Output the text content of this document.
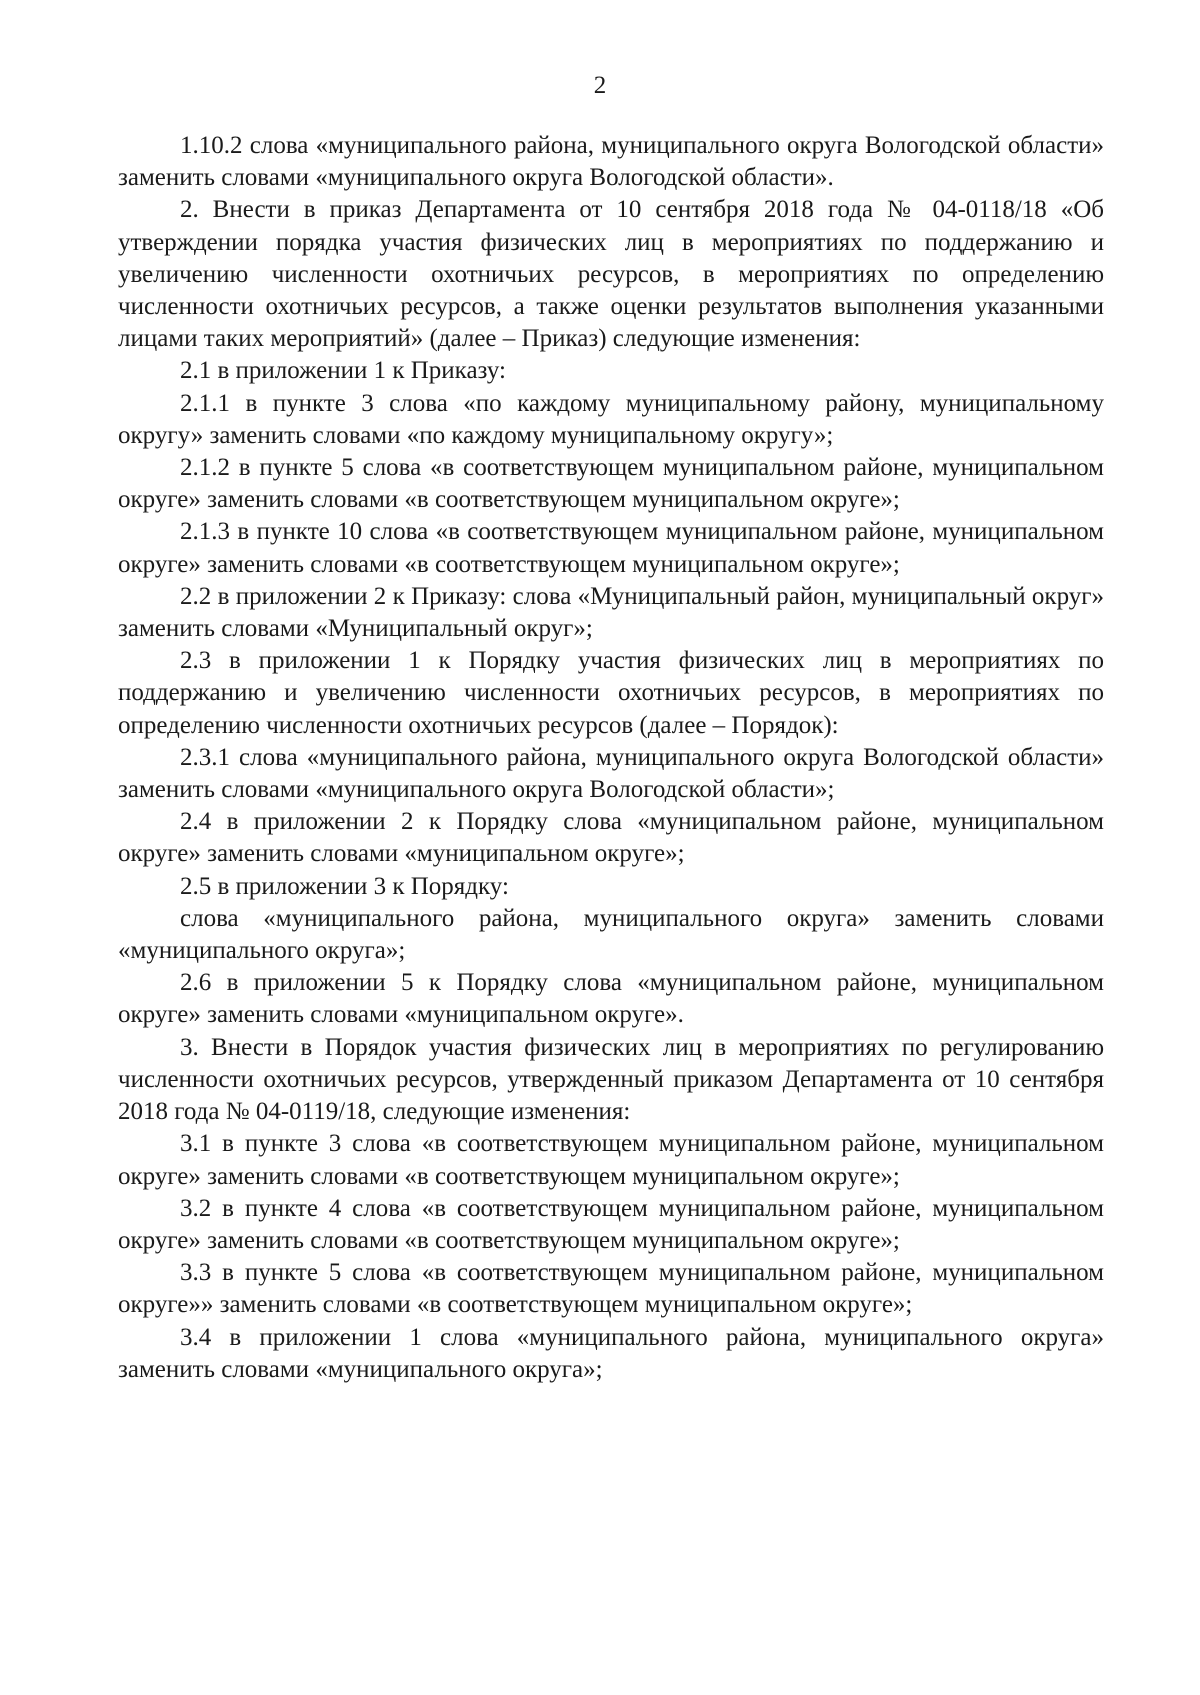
2

1.10.2 слова «муниципального района, муниципального округа Вологодской области» заменить словами «муниципального округа Вологодской области».

2. Внести в приказ Департамента от 10 сентября 2018 года № 04-0118/18 «Об утверждении порядка участия физических лиц в мероприятиях по поддержанию и увеличению численности охотничьих ресурсов, в мероприятиях по определению численности охотничьих ресурсов, а также оценки результатов выполнения указанными лицами таких мероприятий» (далее – Приказ) следующие изменения:

2.1 в приложении 1 к Приказу:

2.1.1 в пункте 3 слова «по каждому муниципальному району, муниципальному округу» заменить словами «по каждому муниципальному округу»;

2.1.2 в пункте 5 слова «в соответствующем муниципальном районе, муниципальном округе» заменить словами «в соответствующем муниципальном округе»;

2.1.3 в пункте 10 слова «в соответствующем муниципальном районе, муниципальном округе» заменить словами «в соответствующем муниципальном округе»;

2.2 в приложении 2 к Приказу: слова «Муниципальный район, муниципальный округ» заменить словами «Муниципальный округ»;

2.3 в приложении 1 к Порядку участия физических лиц в мероприятиях по поддержанию и увеличению численности охотничьих ресурсов, в мероприятиях по определению численности охотничьих ресурсов (далее – Порядок):

2.3.1 слова «муниципального района, муниципального округа Вологодской области» заменить словами «муниципального округа Вологодской области»;

2.4 в приложении 2 к Порядку слова «муниципальном районе, муниципальном округе» заменить словами «муниципальном округе»;

2.5 в приложении 3 к Порядку:

слова «муниципального района, муниципального округа» заменить словами «муниципального округа»;

2.6 в приложении 5 к Порядку слова «муниципальном районе, муниципальном округе» заменить словами «муниципальном округе».

3. Внести в Порядок участия физических лиц в мероприятиях по регулированию численности охотничьих ресурсов, утвержденный приказом Департамента от 10 сентября 2018 года № 04-0119/18, следующие изменения:

3.1 в пункте 3 слова «в соответствующем муниципальном районе, муниципальном округе» заменить словами «в соответствующем муниципальном округе»;

3.2 в пункте 4 слова «в соответствующем муниципальном районе, муниципальном округе» заменить словами «в соответствующем муниципальном округе»;

3.3 в пункте 5 слова «в соответствующем муниципальном районе, муниципальном округе»» заменить словами «в соответствующем муниципальном округе»;

3.4 в приложении 1 слова «муниципального района, муниципального округа» заменить словами «муниципального округа»;
